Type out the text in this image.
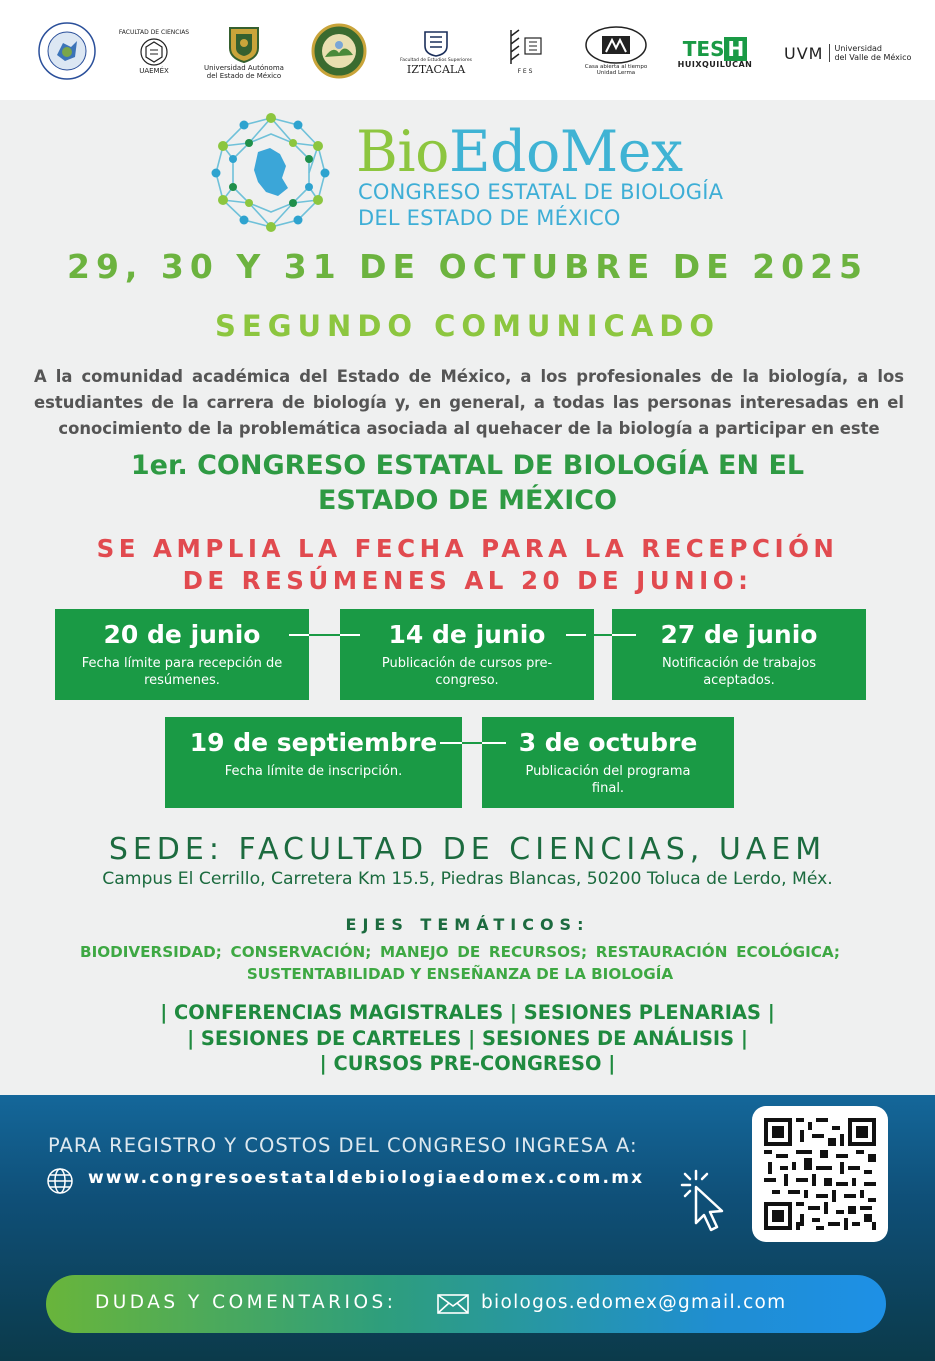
FACULTAD DE CIENCIAS
UAEMÉX	Universidad Autónoma
del Estado de México
Facultad de Estudios Superiores
IZTACALA	F E S
Casa abierta al tiempo
Unidad Lerma
TES H
HUIXQUILUCAN
UVM Universidad
del Valle de México
BioEdoMex
CONGRESO ESTATAL DE BIOLOGÍA
DEL ESTADO DE MÉXICO
29, 30 Y 31 DE OCTUBRE DE 2025
SEGUNDO COMUNICADO
A la comunidad académica del Estado de México, a los profesionales de la biología, a los estudiantes de la carrera de biología y, en general, a todas las personas interesadas en el conocimiento de la problemática asociada al quehacer de la biología a participar en este
1er. CONGRESO ESTATAL DE BIOLOGÍA EN EL
ESTADO DE MÉXICO
SE AMPLIA LA FECHA PARA LA RECEPCIÓN
DE RESÚMENES AL 20 DE JUNIO:
20 de junio
Fecha límite para recepción de resúmenes.
14 de junio
Publicación de cursos pre-congreso.
27 de junio
Notificación de trabajos aceptados.
19 de septiembre
Fecha límite de inscripción.
3 de octubre
Publicación del programa final.
SEDE: FACULTAD DE CIENCIAS, UAEM
Campus El Cerrillo, Carretera Km 15.5, Piedras Blancas, 50200 Toluca de Lerdo, Méx.
EJES TEMÁTICOS:
BIODIVERSIDAD; CONSERVACIÓN; MANEJO DE RECURSOS; RESTAURACIÓN ECOLÓGICA; SUSTENTABILIDAD Y ENSEÑANZA DE LA BIOLOGÍA
| CONFERENCIAS MAGISTRALES | SESIONES PLENARIAS |
| SESIONES DE CARTELES | SESIONES DE ANÁLISIS |
| CURSOS PRE-CONGRESO |
PARA REGISTRO Y COSTOS DEL CONGRESO INGRESA A:
www.congresoestataldebiologiaedomex.com.mx
DUDAS Y COMENTARIOS:	biologos.edomex@gmail.com
